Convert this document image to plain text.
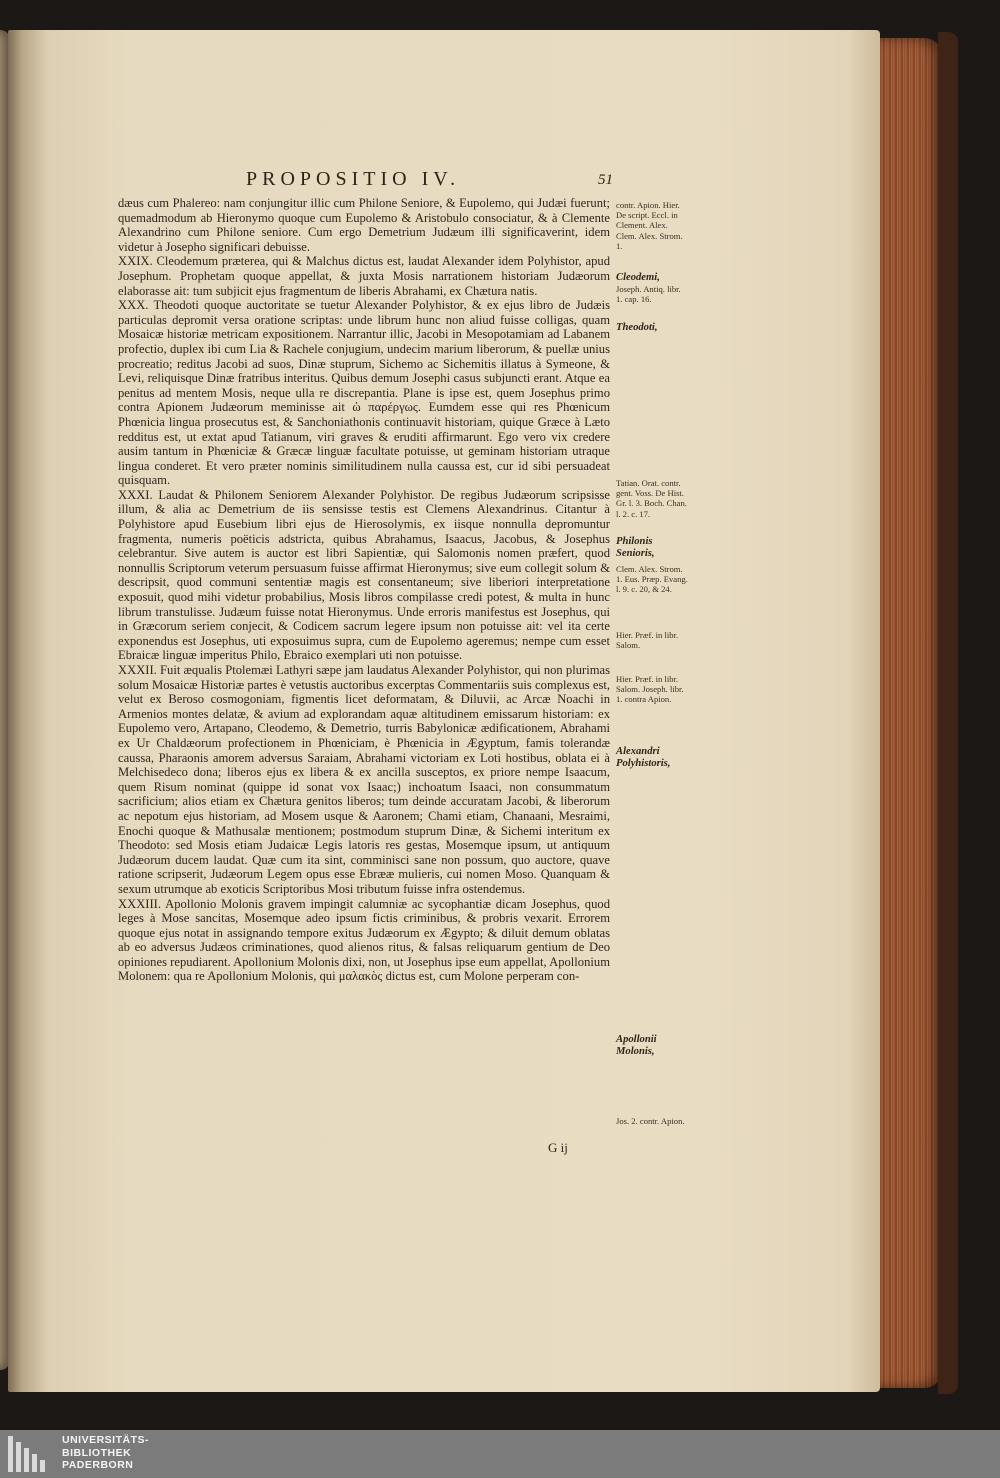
PROPOSITIO IV.	51

dæus cum Phalereo: nam conjungitur illic cum Philone Seniore, & Eupolemo, qui Judæi fuerunt; quemadmodum ab Hieronymo quoque cum Eupolemo & Aristobulo consociatur, & à Clemente Alexandrino cum Philone seniore. Cum ergo Demetrium Judæum illi significaverint, idem videtur à Josepho significari debuisse.

XXIX. Cleodemum præterea, qui & Malchus dictus est, laudat Alexander idem Polyhistor, apud Josephum. Prophetam quoque appellat, & juxta Mosis narrationem historiam Judæorum elaborasse ait: tum subjicit ejus fragmentum de liberis Abrahami, ex Chætura natis.

XXX. Theodoti quoque auctoritate se tuetur Alexander Polyhistor, & ex ejus libro de Judæis particulas depromit versa oratione scriptas: unde librum hunc non aliud fuisse colligas, quam Mosaicæ historiæ metricam expositionem. Narrantur illic, Jacobi in Mesopotamiam ad Labanem profectio, duplex ibi cum Lia & Rachele conjugium, undecim marium liberorum, & puellæ unius procreatio; reditus Jacobi ad suos, Dinæ stuprum, Sichemo ac Sichemitis illatus à Symeone, & Levi, reliquisque Dinæ fratribus interitus. Quibus demum Josephi casus subjuncti erant. Atque ea penitus ad mentem Mosis, neque ulla re discrepantia. Plane is ipse est, quem Josephus primo contra Apionem Judæorum meminisse ait ὡ παρέργως. Eumdem esse qui res Phœnicum Phœnicia lingua prosecutus est, & Sanchoniathonis continuavit historiam, quique Græce à Læto redditus est, ut extat apud Tatianum, viri graves & eruditi affirmarunt. Ego vero vix credere ausim tantum in Phœniciæ & Græcæ linguæ facultate potuisse, ut geminam historiam utraque lingua conderet. Et vero præter nominis similitudinem nulla caussa est, cur id sibi persuadeat quisquam.

XXXI. Laudat & Philonem Seniorem Alexander Polyhistor. De regibus Judæorum scripsisse illum, & alia ac Demetrium de iis sensisse testis est Clemens Alexandrinus. Citantur à Polyhistore apud Eusebium libri ejus de Hierosolymis, ex iisque nonnulla depromuntur fragmenta, numeris poëticis adstricta, quibus Abrahamus, Isaacus, Jacobus, & Josephus celebrantur. Sive autem is auctor est libri Sapientiæ, qui Salomonis nomen præfert, quod nonnullis Scriptorum veterum persuasum fuisse affirmat Hieronymus; sive eum collegit solum & descripsit, quod communi sententiæ magis est consentaneum; sive liberiori interpretatione exposuit, quod mihi videtur probabilius, Mosis libros compilasse credi potest, & multa in hunc librum transtulisse. Judæum fuisse notat Hieronymus. Unde erroris manifestus est Josephus, qui in Græcorum seriem conjecit, & Codicem sacrum legere ipsum non potuisse ait: vel ita certe exponendus est Josephus, uti exposuimus supra, cum de Eupolemo ageremus; nempe cum esset Ebraicæ linguæ imperitus Philo, Ebraico exemplari uti non potuisse.

XXXII. Fuit æqualis Ptolemæi Lathyri sæpe jam laudatus Alexander Polyhistor, qui non plurimas solum Mosaicæ Historiæ partes è vetustis auctoribus excerptas Commentariis suis complexus est, velut ex Beroso cosmogoniam, figmentis licet deformatam, & Diluvii, ac Arcæ Noachi in Armenios montes delatæ, & avium ad explorandam aquæ altitudinem emissarum historiam: ex Eupolemo vero, Artapano, Cleodemo, & Demetrio, turris Babylonicæ ædificationem, Abrahami ex Ur Chaldæorum profectionem in Phœniciam, è Phœnicia in Ægyptum, famis tolerandæ caussa, Pharaonis amorem adversus Saraiam, Abrahami victoriam ex Loti hostibus, oblata ei à Melchisedeco dona; liberos ejus ex libera & ex ancilla susceptos, ex priore nempe Isaacum, quem Risum nominat (quippe id sonat vox Isaac;) inchoatum Isaaci, non consummatum sacrificium; alios etiam ex Chætura genitos liberos; tum deinde accuratam Jacobi, & liberorum ac nepotum ejus historiam, ad Mosem usque & Aaronem; Chami etiam, Chanaani, Mesraimi, Enochi quoque & Mathusalæ mentionem; postmodum stuprum Dinæ, & Sichemi interitum ex Theodoto: sed Mosis etiam Judaicæ Legis latoris res gestas, Mosemque ipsum, ut antiquum Judæorum ducem laudat. Quæ cum ita sint, comminisci sane non possum, quo auctore, quave ratione scripserit, Judæorum Legem opus esse Ebrææ mulieris, cui nomen Moso. Quanquam & sexum utrumque ab exoticis Scriptoribus Mosi tributum fuisse infra ostendemus.

XXXIII. Apollonio Molonis gravem impingit calumniæ ac sycophantiæ dicam Josephus, quod leges à Mose sancitas, Mosemque adeo ipsum fictis criminibus, & probris vexarit. Errorem quoque ejus notat in assignando tempore exitus Judæorum ex Ægypto; & diluit demum oblatas ab eo adversus Judæos criminationes, quod alienos ritus, & falsas reliquarum gentium de Deo opiniones repudiarent. Apollonium Molonis dixi, non, ut Josephus ipse eum appellat, Apollonium Molonem: qua re Apollonium Molonis, qui μαλακὸς dictus est, cum Molone perperam con-

contr. Apion. Hier. De script. Eccl. in Clement. Alex. Clem. Alex. Strom. 1.
Cleodemi,
Joseph. Antiq. libr. 1. cap. 16.
Theodoti,
Tatian. Orat. contr. gent. Voss. De Hist. Gr. l. 3. Boch. Chan. l. 2. c. 17.
Philonis Senioris,
Clem. Alex. Strom. 1. Eus. Præp. Evang. l. 9. c. 20, & 24.
Hier. Præf. in libr. Salom.
Hier. Præf. in libr. Salom. Joseph. libr. 1. contra Apion.
Alexandri Polyhistoris,
Apollonii Molonis,
Jos. 2. contr. Apion.
G ij
UNIVERSITÄTS-
BIBLIOTHEK
PADERBORN
